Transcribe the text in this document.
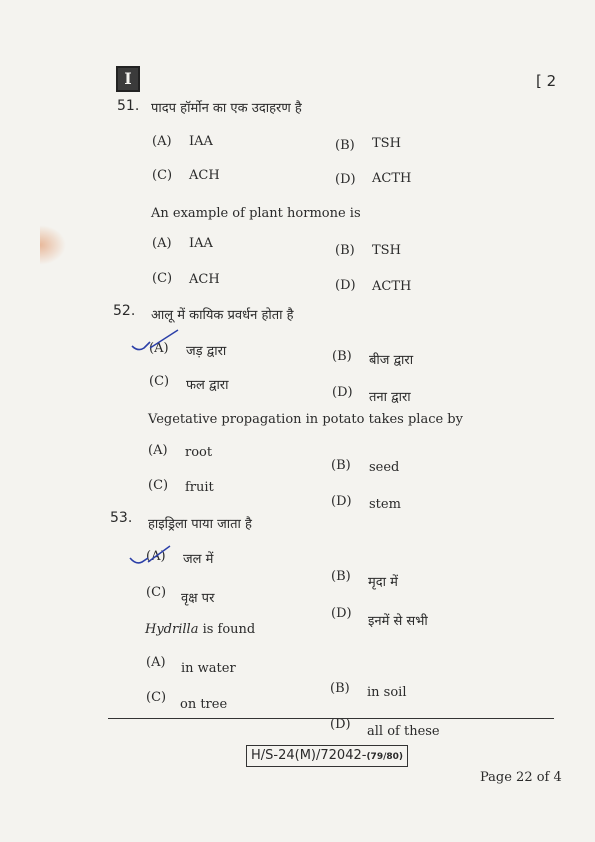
I	[ 2
51. पादप हॉर्मोन का एक उदाहरण है
(A) IAA	(B) TSH
(C) ACH	(D) ACTH
An example of plant hormone is
(A) IAA	(B) TSH
(C) ACH	(D) ACTH
52. आलू में कायिक प्रवर्धन होता है
(A) जड़ द्वारा	(B) बीज द्वारा
(C) फल द्वारा	(D) तना द्वारा
Vegetative propagation in potato takes place by
(A) root
(B) seed
(C) fruit
(D) stem
53. हाइड्रिला पाया जाता है
(A) जल में
(B) मृदा में
(C) वृक्ष पर
(D)
इनमें से सभी
Hydrilla is found
(A) in water
(B) in soil
(C) on tree
(D) all of these
H/S-24(M)/72042-(79/80)
Page 22 of 4
